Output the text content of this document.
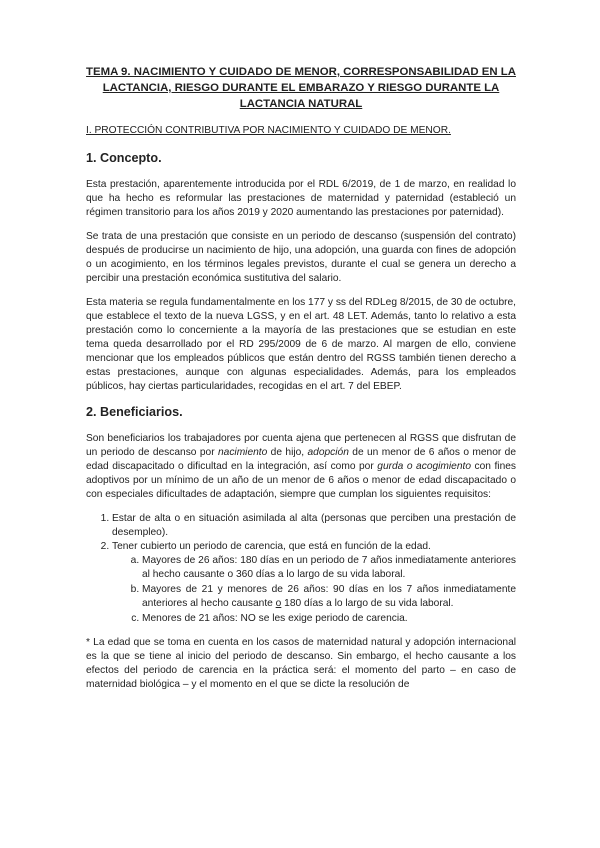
TEMA 9. NACIMIENTO Y CUIDADO DE MENOR, CORRESPONSABILIDAD EN LA LACTANCIA, RIESGO DURANTE EL EMBARAZO Y RIESGO DURANTE LA LACTANCIA NATURAL
I. PROTECCIÓN CONTRIBUTIVA POR NACIMIENTO Y CUIDADO DE MENOR.
1. Concepto.

Esta prestación, aparentemente introducida por el RDL 6/2019, de 1 de marzo, en realidad lo que ha hecho es reformular las prestaciones de maternidad y paternidad (estableció un régimen transitorio para los años 2019 y 2020 aumentando las prestaciones por paternidad).

Se trata de una prestación que consiste en un periodo de descanso (suspensión del contrato) después de producirse un nacimiento de hijo, una adopción, una guarda con fines de adopción o un acogimiento, en los términos legales previstos, durante el cual se genera un derecho a percibir una prestación económica sustitutiva del salario.

Esta materia se regula fundamentalmente en los 177 y ss del RDLeg 8/2015, de 30 de octubre, que establece el texto de la nueva LGSS, y en el art. 48 LET. Además, tanto lo relativo a esta prestación como lo concerniente a la mayoría de las prestaciones que se estudian en este tema queda desarrollado por el RD 295/2009 de 6 de marzo. Al margen de ello, conviene mencionar que los empleados públicos que están dentro del RGSS también tienen derecho a estas prestaciones, aunque con algunas especialidades. Además, para los empleados públicos, hay ciertas particularidades, recogidas en el art. 7 del EBEP.

2. Beneficiarios.

Son beneficiarios los trabajadores por cuenta ajena que pertenecen al RGSS que disfrutan de un periodo de descanso por nacimiento de hijo, adopción de un menor de 6 años o menor de edad discapacitado o dificultad en la integración, así como por gurda o acogimiento con fines adoptivos por un mínimo de un año de un menor de 6 años o menor de edad discapacitado o con especiales dificultades de adaptación, siempre que cumplan los siguientes requisitos:

1. Estar de alta o en situación asimilada al alta (personas que perciben una prestación de desempleo).
2. Tener cubierto un periodo de carencia, que está en función de la edad.
a. Mayores de 26 años: 180 días en un periodo de 7 años inmediatamente anteriores al hecho causante o 360 días a lo largo de su vida laboral.
b. Mayores de 21 y menores de 26 años: 90 días en los 7 años inmediatamente anteriores al hecho causante o 180 días a lo largo de su vida laboral.
c. Menores de 21 años: NO se les exige periodo de carencia.

* La edad que se toma en cuenta en los casos de maternidad natural y adopción internacional es la que se tiene al inicio del periodo de descanso. Sin embargo, el hecho causante a los efectos del periodo de carencia en la práctica será: el momento del parto – en caso de maternidad biológica – y el momento en el que se dicte la resolución de
